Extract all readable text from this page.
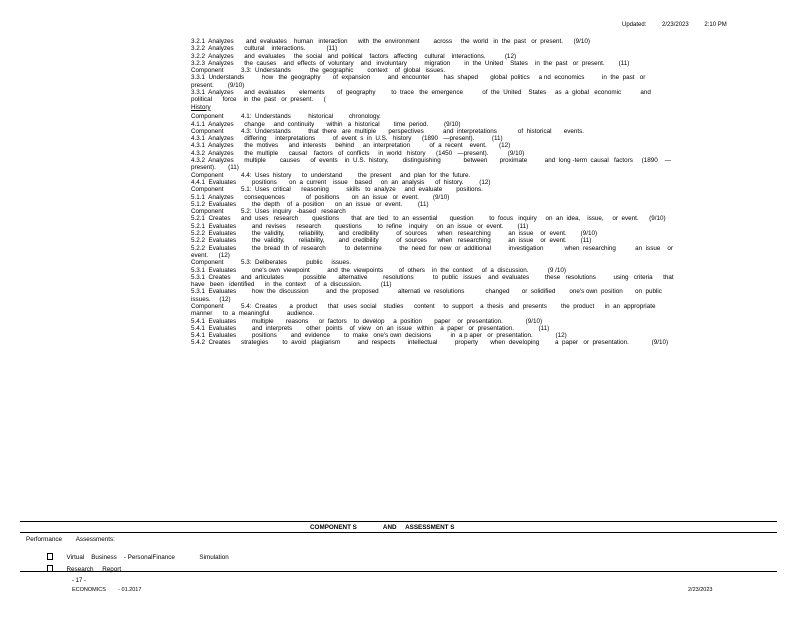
Updated:	2/23/2023	2:10 PM
3.2.1  Analyzes       and  evaluates    human   interaction      with  the  environment        across     the  world   in  the  past   or  present.      (9/10)
3.2.2  Analyzes      cultural    interactions.            (11)
3.2.2  Analyzes      and  evaluates     the  social   and  political    factors   affecting    cultural    interactions.           (12)
3.2.3  Analyzes      the  causes    and  effects  of  voluntary    and   involuntary          migration        in  the  United    States    in  the  past   or  present.        (11)
Component          3.3:  Understands           the  geographic        context    of  global   issues.
3.3.1  Understands          how   the  geography       of  expansion          and  encounter        has  shaped       global  politics     a nd  economics          in  the  past   or
present.        (9/10)
3.3.1  Analyzes      and  evaluates        elements       of  geography         to  trace   the  emergence           of  the  United    States     as  a  global   economic           and
political      force    in  the  past   or  present.      (
History
Component          4.1:  Understands          historical         chronology.
4.1.1  Analyzes      change     and  continuity       within   a  historical        time  period.         (9/10)
Component          4.3:  Understands          that  there   are  multiple       perspectives           and  interpretations            of  historical       events.
4.3.1  Analyzes      differing     interpretations          of  event  s  in  U.S.   history      (1890   —present).          (11)
4.3.1  Analyzes      the  motives      and  interests     behind     an  interpretation           of  a  recent    event.       (12)
4.3.2  Analyzes      the  multiple      causal    factors   of  conflicts     in  world   history      (1450   —present).           (9/10)
4.3.2  Analyzes      multiple        causes      of  events    in  U.S.  history,        distinguishing             between       proximate          and  long -term  causal   factors     (1890    —
present).       (11)
Component          4.4:  Uses  history      to  understand         the  present     and  plan  for  the  future.
4.4.1  Evaluates         positions       on  a  current    issue    based     on  an  analysis      of  history.         (12)
Component          5.1:  Uses  critical      reasoning          skills   to  analyze     and  evaluate        positions.
5.1.1  Analyzes      consequences            of  positions       on  an  issue   or  event.        (9/10)
5.1.2  Evaluates         the  depth    of  a  position      on  an  issue   or  event.         (11)
Component          5.2:  Uses  inquiry   -based   research
5.2.1  Creates      and  uses   research        questions       that  are  tied   to  an  essential       question         to  focus   inquiry     on  an  idea,    issue,     or  event.      (9/10)
5.2.1  Evaluates         and  revises      research        questions         to  refine    inquiry     on  an  issue   or  event.        (11)
5.2.2  Evaluates         the  validity,        reliability,        and  credibility          of  sources      when   researching          an  issue    or  event.        (9/10)
5.2.2  Evaluates         the  validity,        reliability,        and  credibility          of  sources      when   researching          an  issue    or  event.        (11)
5.2.2  Evaluates         the  bread  th  of  research           to  determine          the  need  for  new  or  additional          investigation            when  researching           an  issue    or
event.      (12)
Component          5.3:  Deliberates           public     issues.
5.3.1  Evaluates         one's own  viewpoint          and  the  viewpoints         of  others    in  the  context     of  a  discussion.           (9 /10)
5.3.1  Creates      and  articulates           possible       alternative         resolutions           to  public   issues    and  evaluates         these   resolutions          using   criteria      that
have   been   identified      in  the  context     of  a  discussion.           (11)
5.3.1  Evaluates         how  the  discussion          and  the  proposed           alternati  ve  resolutions            changed       or  solidified        one's own  position       on  public
issues.     (12)
Component          5.4:  Creates       a  product      that   uses  social    studies      content     to  support    a  thesis   and  presents        the  product      in  an  appropriate
manner      to  a  meaningful          audience.
5.4.1  Evaluates         multiple       reasons      or  factors    to  develop     a  position       paper    or  presentation.             (9/10)
5.4.1  Evaluates         and  interprets        other   points    of  view   on  an  issue   within    a  paper   or  presentation.              (11)
5.4.1  Evaluates         positions        and  evidence        to  make   one's own  decisions           in  a p aper   or  presentation.             (12)
5.4.2  Creates      strategies        to  avoid   plagiarism          and  respects       intellectual          property       when  developing         a  paper   or  presentation.             (9/10)
COMPONENT S	AND ASSESSMENT S
Performance Assessments:

Virtual    Business    - PersonalFinance              Simulation

Research     Report

- 17 -
ECONOMICS - 01.2017	2/23/2023
